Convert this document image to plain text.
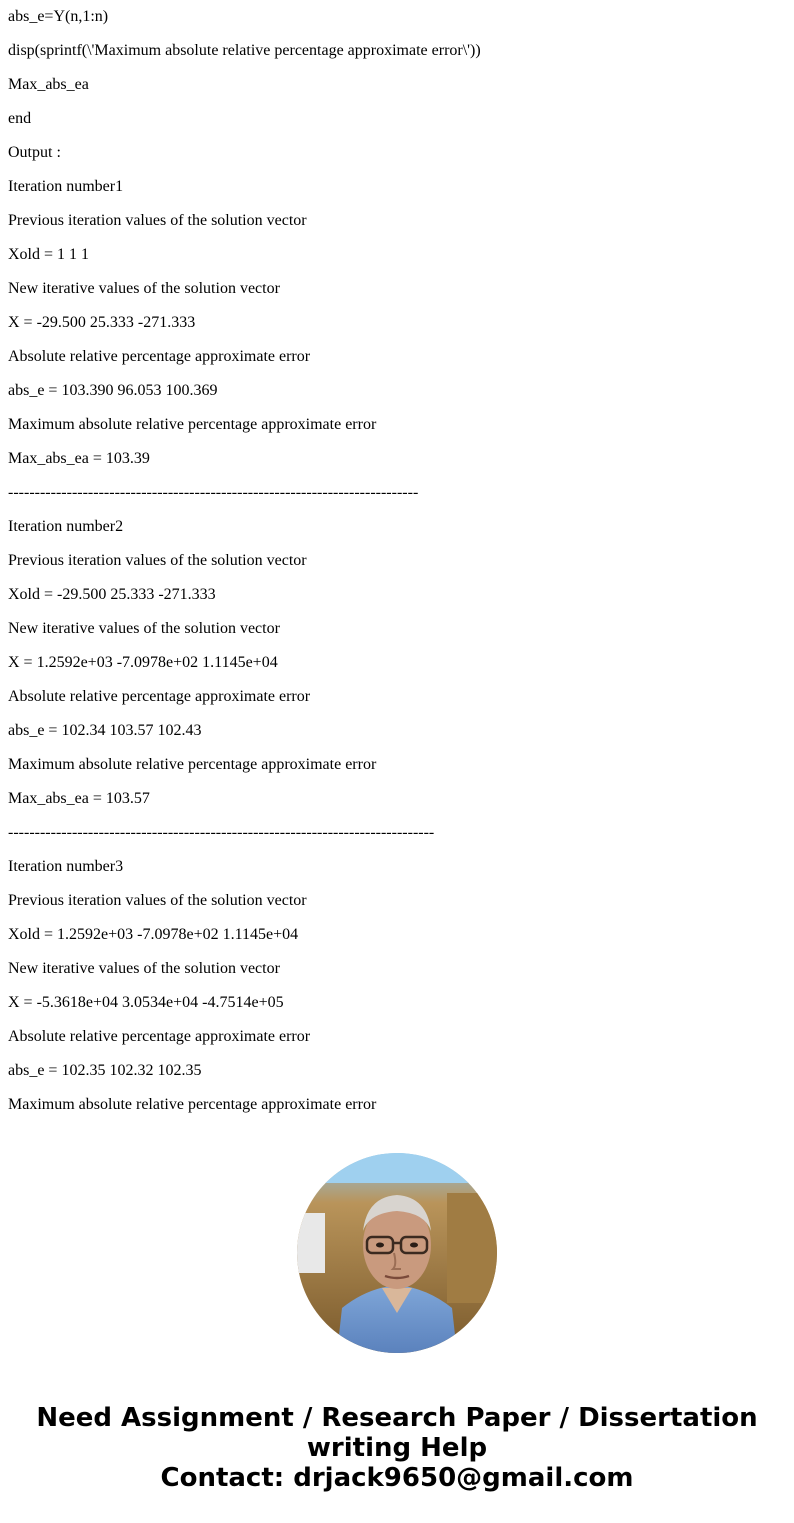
abs_e=Y(n,1:n)
disp(sprintf(\'Maximum absolute relative percentage approximate error\'))
Max_abs_ea
end
Output :
Iteration number1
Previous iteration values of the solution vector
Xold = 1 1 1
New iterative values of the solution vector
X = -29.500 25.333 -271.333
Absolute relative percentage approximate error
abs_e = 103.390 96.053 100.369
Maximum absolute relative percentage approximate error
Max_abs_ea = 103.39
-----------------------------------------------------------------------------
Iteration number2
Previous iteration values of the solution vector
Xold = -29.500 25.333 -271.333
New iterative values of the solution vector
X = 1.2592e+03 -7.0978e+02 1.1145e+04
Absolute relative percentage approximate error
abs_e = 102.34 103.57 102.43
Maximum absolute relative percentage approximate error
Max_abs_ea = 103.57
--------------------------------------------------------------------------------
Iteration number3
Previous iteration values of the solution vector
Xold = 1.2592e+03 -7.0978e+02 1.1145e+04
New iterative values of the solution vector
X = -5.3618e+04 3.0534e+04 -4.7514e+05
Absolute relative percentage approximate error
abs_e = 102.35 102.32 102.35
Maximum absolute relative percentage approximate error
Need Assignment / Research Paper / Dissertation
writing Help
Contact: drjack9650@gmail.com
